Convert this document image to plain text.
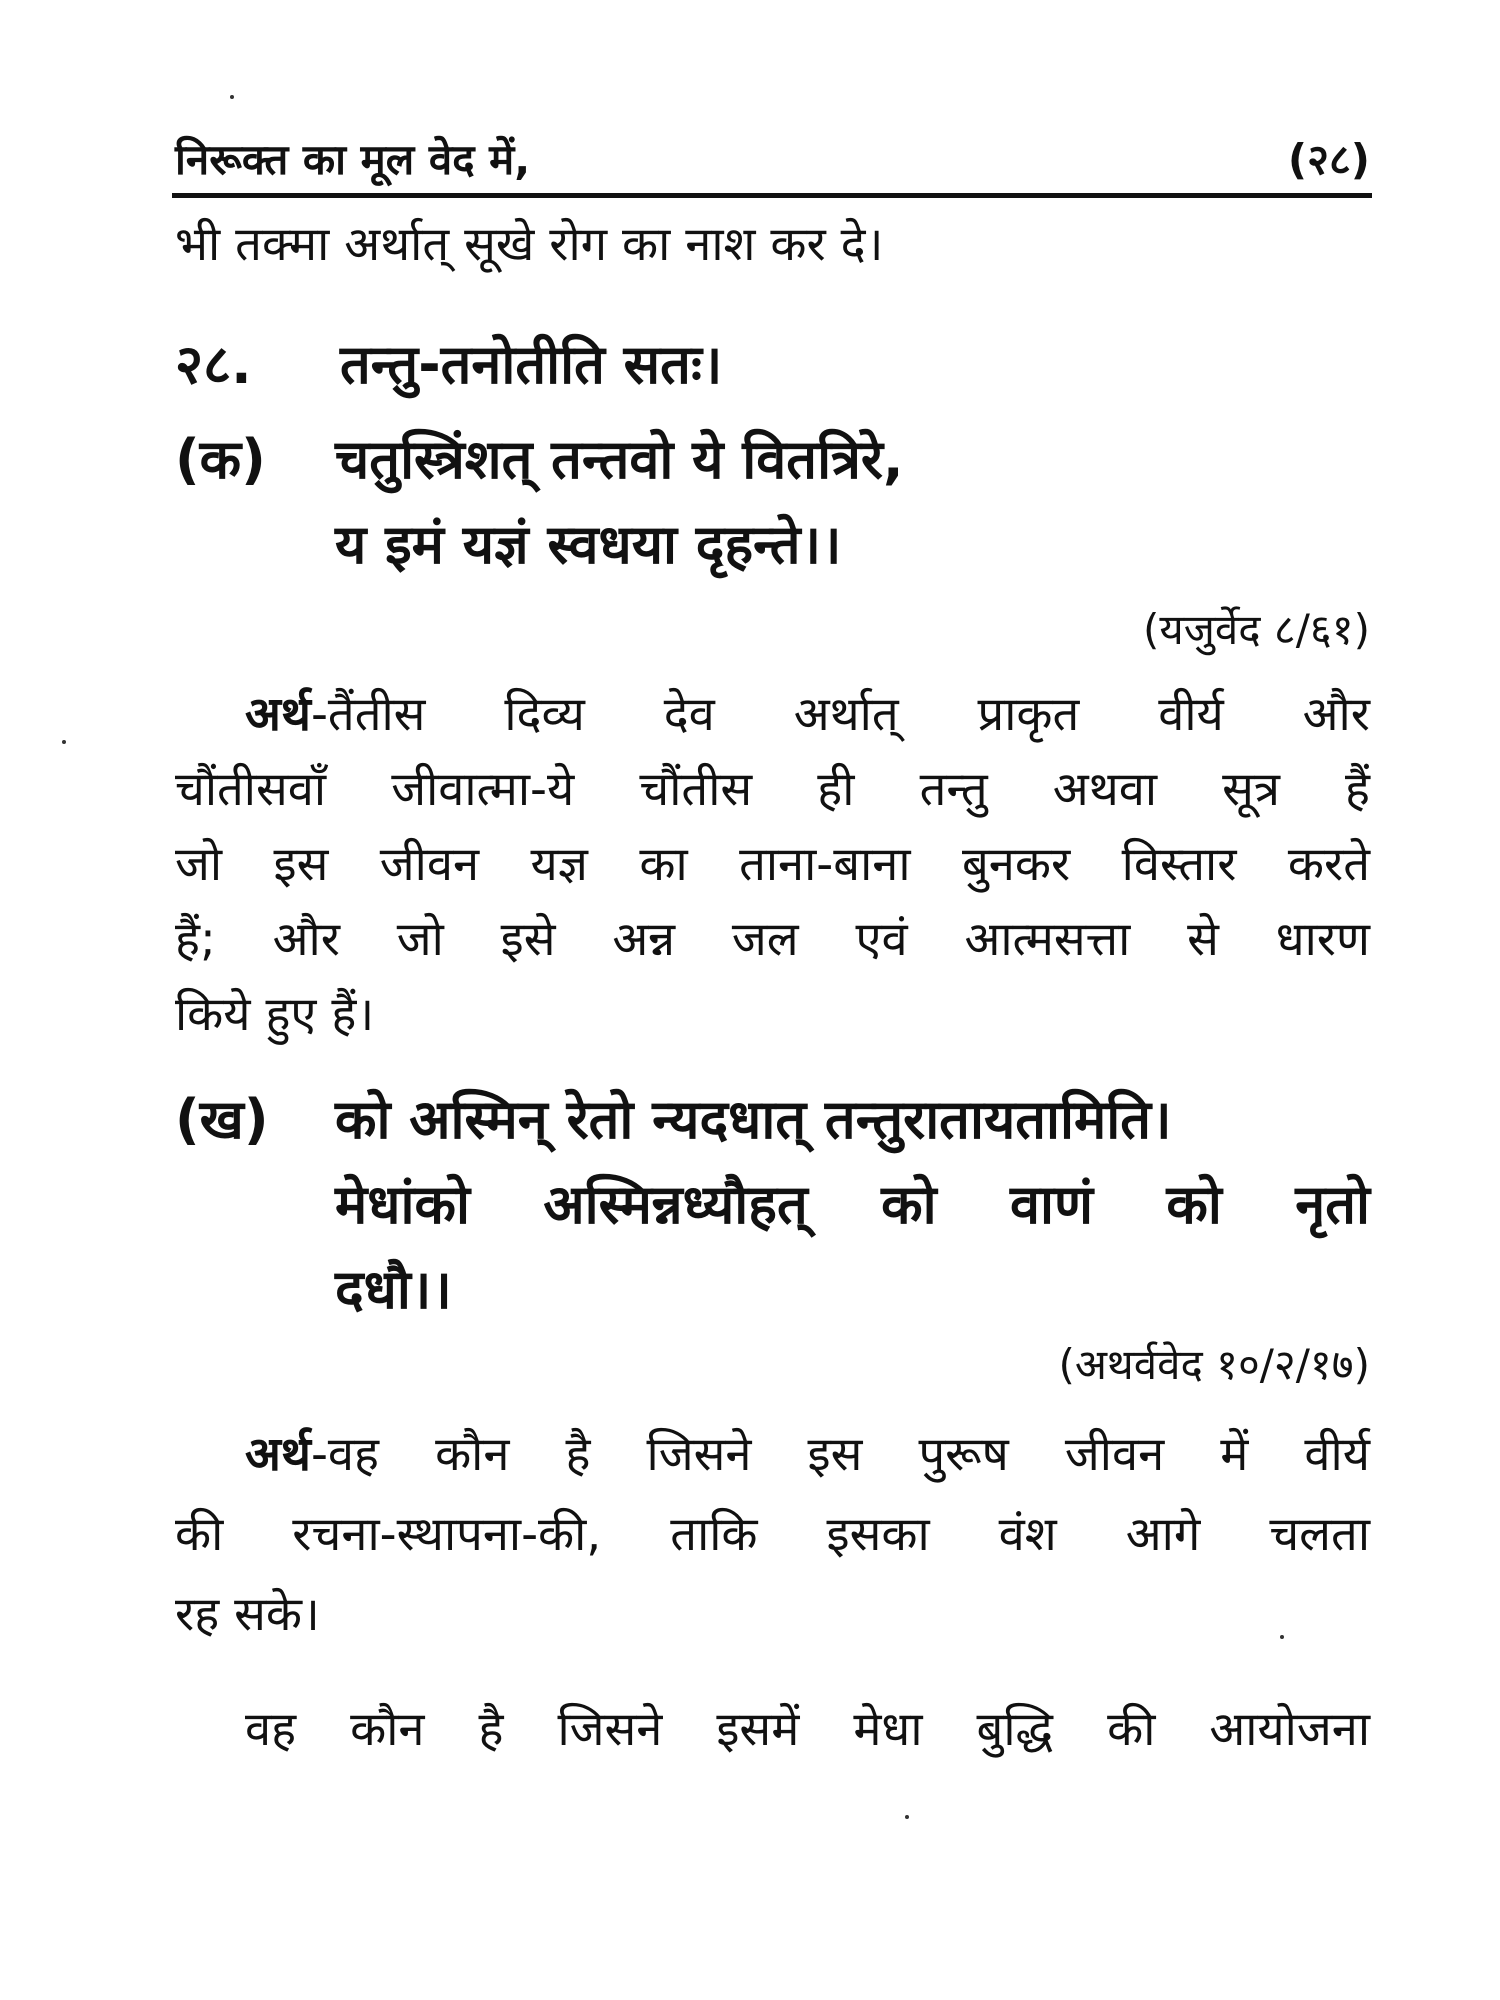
निरूक्त का मूल वेद में,	(२८)
भी तक्मा अर्थात् सूखे रोग का नाश कर दे।
२८. तन्तु-तनोतीति सतः।
(क) चतुस्त्रिंशत् तन्तवो ये वितत्रिरे,
य इमं यज्ञं स्वधया दृहन्ते।।
(यजुर्वेद ८/६१)
अर्थ-तैंतीस दिव्य देव अर्थात् प्राकृत वीर्य और
चौंतीसवाँ जीवात्मा-ये चौंतीस ही तन्तु अथवा सूत्र हैं
जो इस जीवन यज्ञ का ताना-बाना बुनकर विस्तार करते
हैं; और जो इसे अन्न जल एवं आत्मसत्ता से धारण
किये हुए हैं।
(ख) को अस्मिन् रेतो न्यदधात् तन्तुरातायतामिति।
मेधांको अस्मिन्नध्यौहत् को वाणं को नृतो
दधौ।।
(अथर्ववेद १०/२/१७)
अर्थ-वह कौन है जिसने इस पुरूष जीवन में वीर्य
की रचना-स्थापना-की, ताकि इसका वंश आगे चलता
रह सके।
वह कौन है जिसने इसमें मेधा बुद्धि की आयोजना
